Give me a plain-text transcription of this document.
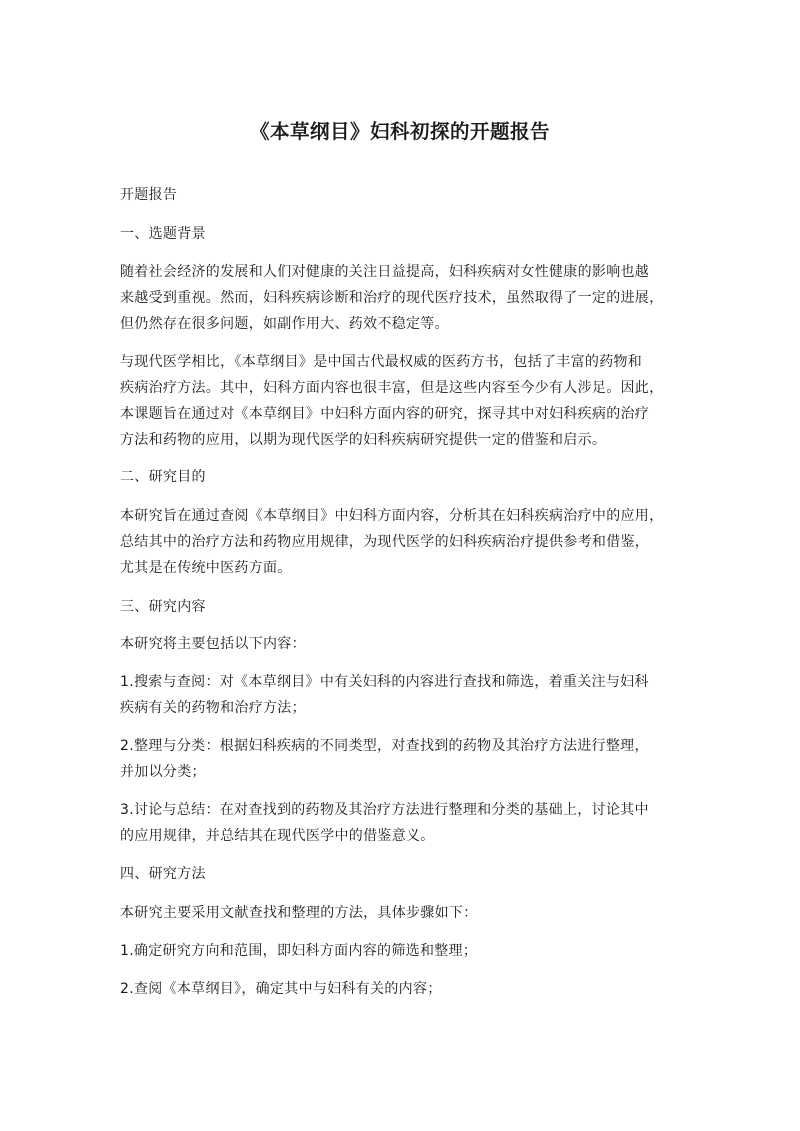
《本草纲目》妇科初探的开题报告
开题报告
一、选题背景
随着社会经济的发展和人们对健康的关注日益提高，妇科疾病对女性健康的影响也越
来越受到重视。然而，妇科疾病诊断和治疗的现代医疗技术，虽然取得了一定的进展，
但仍然存在很多问题，如副作用大、药效不稳定等。
与现代医学相比，《本草纲目》是中国古代最权威的医药方书，包括了丰富的药物和
疾病治疗方法。其中，妇科方面内容也很丰富，但是这些内容至今少有人涉足。因此，
本课题旨在通过对《本草纲目》中妇科方面内容的研究，探寻其中对妇科疾病的治疗
方法和药物的应用，以期为现代医学的妇科疾病研究提供一定的借鉴和启示。
二、研究目的
本研究旨在通过查阅《本草纲目》中妇科方面内容，分析其在妇科疾病治疗中的应用，
总结其中的治疗方法和药物应用规律，为现代医学的妇科疾病治疗提供参考和借鉴，
尤其是在传统中医药方面。
三、研究内容
本研究将主要包括以下内容：
1.搜索与查阅：对《本草纲目》中有关妇科的内容进行查找和筛选，着重关注与妇科
疾病有关的药物和治疗方法；
2.整理与分类：根据妇科疾病的不同类型，对查找到的药物及其治疗方法进行整理，
并加以分类；
3.讨论与总结：在对查找到的药物及其治疗方法进行整理和分类的基础上，讨论其中
的应用规律，并总结其在现代医学中的借鉴意义。
四、研究方法
本研究主要采用文献查找和整理的方法，具体步骤如下：
1.确定研究方向和范围，即妇科方面内容的筛选和整理；
2.查阅《本草纲目》，确定其中与妇科有关的内容；
